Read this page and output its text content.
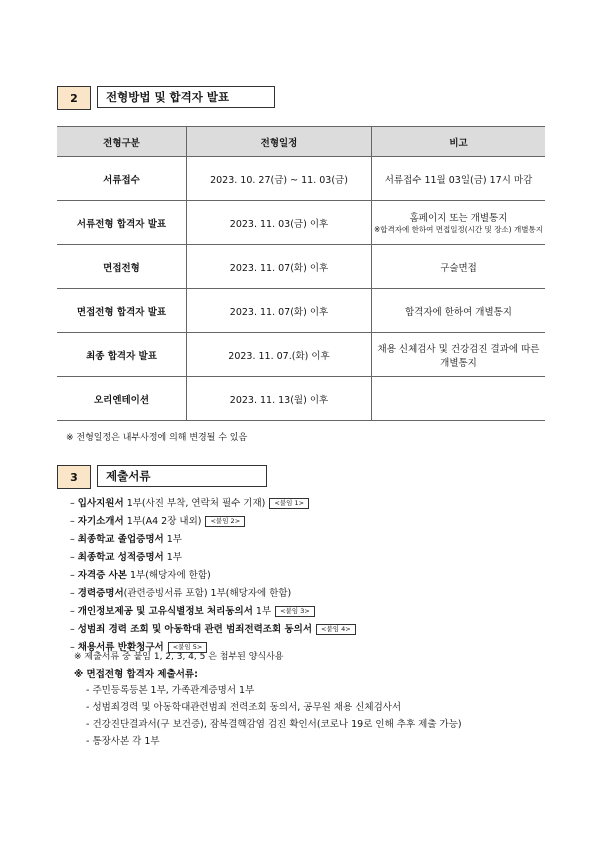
2	전형방법 및 합격자 발표
전형구분	전형일정	비고
서류접수	2023. 10. 27(금) ~ 11. 03(금)	서류접수 11월 03일(금) 17시 마감

서류전형 합격자 발표	2023. 11. 03(금) 이후	홈페이지 또는 개별통지
※합격자에 한하여 면접일정(시간 및 장소) 개별통지

면접전형	2023. 11. 07(화) 이후	구술면접

면접전형 합격자 발표	2023. 11. 07(화) 이후	합격자에 한하여 개별통지

최종 합격자 발표	2023. 11. 07.(화) 이후	채용 신체검사 및 건강검진 결과에 따른 개별통지

오리엔테이션	2023. 11. 13(월) 이후	
※ 전형일정은 내부사정에 의해 변경될 수 있음
3	제출서류
– 입사지원서 1부(사진 부착, 연락처 필수 기재) <붙임 1>
– 자기소개서 1부(A4 2장 내외) <붙임 2>
– 최종학교 졸업증명서 1부
– 최종학교 성적증명서 1부
– 자격증 사본 1부(해당자에 한함)
– 경력증명서(관련증빙서류 포함) 1부(해당자에 한함)
– 개인정보제공 및 고유식별정보 처리동의서 1부 <붙임 3>
– 성범죄 경력 조회 및 아동학대 관련 범죄전력조회 동의서 <붙임 4>
– 채용서류 반환청구서 <붙임 5>
※ 제출서류 중 붙임 1, 2, 3, 4, 5 은 첨부된 양식사용
※ 면접전형 합격자 제출서류:
- 주민등록등본 1부, 가족관계증명서 1부
- 성범죄경력 및 아동학대관련범죄 전력조회 동의서, 공무원 채용 신체검사서
- 건강진단결과서(구 보건증), 잠복결핵감염 검진 확인서(코로나 19로 인해 추후 제출 가능)
- 통장사본 각 1부
